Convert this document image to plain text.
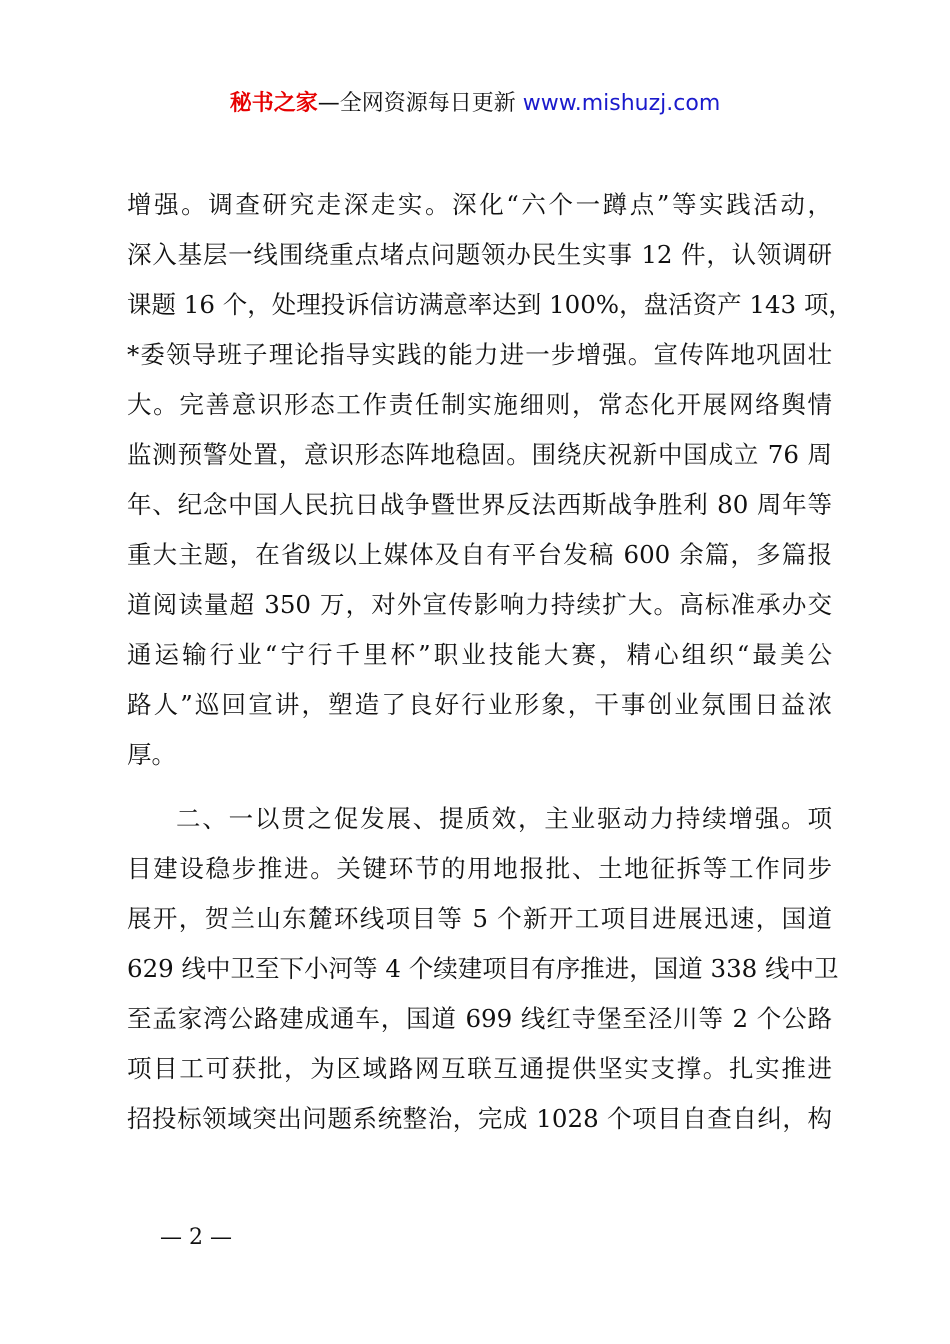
秘书之家—全网资源每日更新 www.mishuzj.com
增强。调查研究走深走实。深化“六个一蹲点”等实践活动，
深入基层一线围绕重点堵点问题领办民生实事 12 件，认领调研
课题 16 个，处理投诉信访满意率达到 100%，盘活资产 143 项，
*委领导班子理论指导实践的能力进一步增强。宣传阵地巩固壮
大。完善意识形态工作责任制实施细则，常态化开展网络舆情
监测预警处置，意识形态阵地稳固。围绕庆祝新中国成立 76 周
年、纪念中国人民抗日战争暨世界反法西斯战争胜利 80 周年等
重大主题，在省级以上媒体及自有平台发稿 600 余篇，多篇报
道阅读量超 350 万，对外宣传影响力持续扩大。高标准承办交
通运输行业“宁行千里杯”职业技能大赛，精心组织“最美公
路人”巡回宣讲，塑造了良好行业形象，干事创业氛围日益浓
厚。
二、一以贯之促发展、提质效，主业驱动力持续增强。项
目建设稳步推进。关键环节的用地报批、土地征拆等工作同步
展开，贺兰山东麓环线项目等 5 个新开工项目进展迅速，国道
629 线中卫至下小河等 4 个续建项目有序推进，国道 338 线中卫
至孟家湾公路建成通车，国道 699 线红寺堡至泾川等 2 个公路
项目工可获批，为区域路网互联互通提供坚实支撑。扎实推进
招投标领域突出问题系统整治，完成 1028 个项目自查自纠，构
— 2 —
